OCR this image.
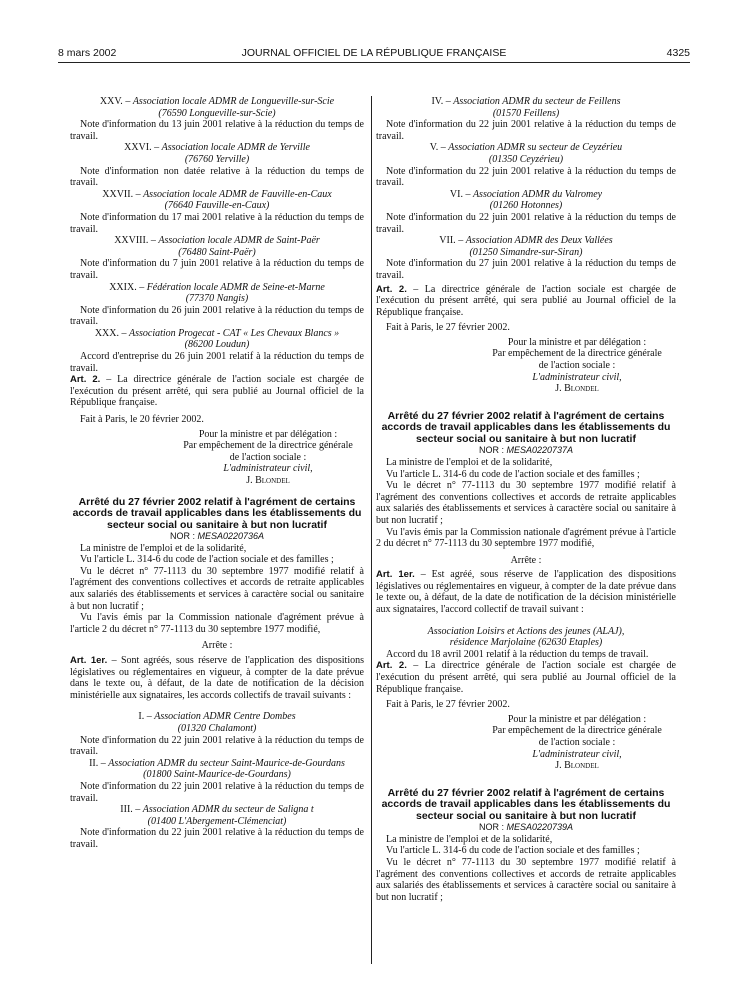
8 mars 2002	JOURNAL OFFICIEL DE LA RÉPUBLIQUE FRANÇAISE	4325

XXV. – Association locale ADMR de Longueville-sur-Scie

(76590 Longueville-sur-Scie)

Note d'information du 13 juin 2001 relative à la réduction du temps de travail.

XXVI. – Association locale ADMR de Yerville

(76760 Yerville)

Note d'information non datée relative à la réduction du temps de travail.

XXVII. – Association locale ADMR de Fauville-en-Caux

(76640 Fauville-en-Caux)

Note d'information du 17 mai 2001 relative à la réduction du temps de travail.

XXVIII. – Association locale ADMR de Saint-Paër

(76480 Saint-Paër)

Note d'information du 7 juin 2001 relative à la réduction du temps de travail.

XXIX. – Fédération locale ADMR de Seine-et-Marne

(77370 Nangis)

Note d'information du 26 juin 2001 relative à la réduction du temps de travail.

XXX. – Association Progecat - CAT « Les Chevaux Blancs »

(86200 Loudun)

Accord d'entreprise du 26 juin 2001 relatif à la réduction du temps de travail.

Art. 2. – La directrice générale de l'action sociale est chargée de l'exécution du présent arrêté, qui sera publié au Journal officiel de la République française.

Fait à Paris, le 20 février 2002.

Pour la ministre et par délégation :

Par empêchement de la directrice générale

de l'action sociale :

L'administrateur civil,

J. Blondel

Arrêté du 27 février 2002 relatif à l'agrément de certains accords de travail applicables dans les établissements du secteur social ou sanitaire à but non lucratif

NOR : MESA0220736A

La ministre de l'emploi et de la solidarité,

Vu l'article L. 314-6 du code de l'action sociale et des familles ;

Vu le décret n° 77-1113 du 30 septembre 1977 modifié relatif à l'agrément des conventions collectives et accords de retraite applicables aux salariés des établissements et services à caractère social ou sanitaire à but non lucratif ;

Vu l'avis émis par la Commission nationale d'agrément prévue à l'article 2 du décret n° 77-1113 du 30 septembre 1977 modifié,

Arrête :

Art. 1er. – Sont agréés, sous réserve de l'application des dispositions législatives ou réglementaires en vigueur, à compter de la date prévue dans le texte ou, à défaut, de la date de notification de la décision ministérielle aux signataires, les accords collectifs de travail suivants :

I. – Association ADMR Centre Dombes

(01320 Chalamont)

Note d'information du 22 juin 2001 relative à la réduction du temps de travail.

II. – Association ADMR du secteur Saint-Maurice-de-Gourdans

(01800 Saint-Maurice-de-Gourdans)

Note d'information du 22 juin 2001 relative à la réduction du temps de travail.

III. – Association ADMR du secteur de Saligna t

(01400 L'Abergement-Clémenciat)

Note d'information du 22 juin 2001 relative à la réduction du temps de travail.

IV. – Association ADMR du secteur de Feillens

(01570 Feillens)

Note d'information du 22 juin 2001 relative à la réduction du temps de travail.

V. – Association ADMR su secteur de Ceyzérieu

(01350 Ceyzérieu)

Note d'information du 22 juin 2001 relative à la réduction du temps de travail.

VI. – Association ADMR du Valromey

(01260 Hotonnes)

Note d'information du 22 juin 2001 relative à la réduction du temps de travail.

VII. – Association ADMR des Deux Vallées

(01250 Simandre-sur-Siran)

Note d'information du 27 juin 2001 relative à la réduction du temps de travail.

Art. 2. – La directrice générale de l'action sociale est chargée de l'exécution du présent arrêté, qui sera publié au Journal officiel de la République française.

Fait à Paris, le 27 février 2002.

Pour la ministre et par délégation :

Par empêchement de la directrice générale

de l'action sociale :

L'administrateur civil,

J. Blondel

Arrêté du 27 février 2002 relatif à l'agrément de certains accords de travail applicables dans les établissements du secteur social ou sanitaire à but non lucratif

NOR : MESA0220737A

La ministre de l'emploi et de la solidarité,

Vu l'article L. 314-6 du code de l'action sociale et des familles ;

Vu le décret n° 77-1113 du 30 septembre 1977 modifié relatif à l'agrément des conventions collectives et accords de retraite applicables aux salariés des établissements et services à caractère social ou sanitaire à but non lucratif ;

Vu l'avis émis par la Commission nationale d'agrément prévue à l'article 2 du décret n° 77-1113 du 30 septembre 1977 modifié,

Arrête :

Art. 1er. – Est agréé, sous réserve de l'application des dispositions législatives ou réglementaires en vigueur, à compter de la date prévue dans le texte ou, à défaut, de la date de notification de la décision ministérielle aux signataires, l'accord collectif de travail suivant :

Association Loisirs et Actions des jeunes (ALAJ),

résidence Marjolaine (62630 Etaples)

Accord du 18 avril 2001 relatif à la réduction du temps de travail.

Art. 2. – La directrice générale de l'action sociale est chargée de l'exécution du présent arrêté, qui sera publié au Journal officiel de la République française.

Fait à Paris, le 27 février 2002.

Pour la ministre et par délégation :

Par empêchement de la directrice générale

de l'action sociale :

L'administrateur civil,

J. Blondel

Arrêté du 27 février 2002 relatif à l'agrément de certains accords de travail applicables dans les établissements du secteur social ou sanitaire à but non lucratif

NOR : MESA0220739A

La ministre de l'emploi et de la solidarité,

Vu l'article L. 314-6 du code de l'action sociale et des familles ;

Vu le décret n° 77-1113 du 30 septembre 1977 modifié relatif à l'agrément des conventions collectives et accords de retraite applicables aux salariés des établissements et services à caractère social ou sanitaire à but non lucratif ;
